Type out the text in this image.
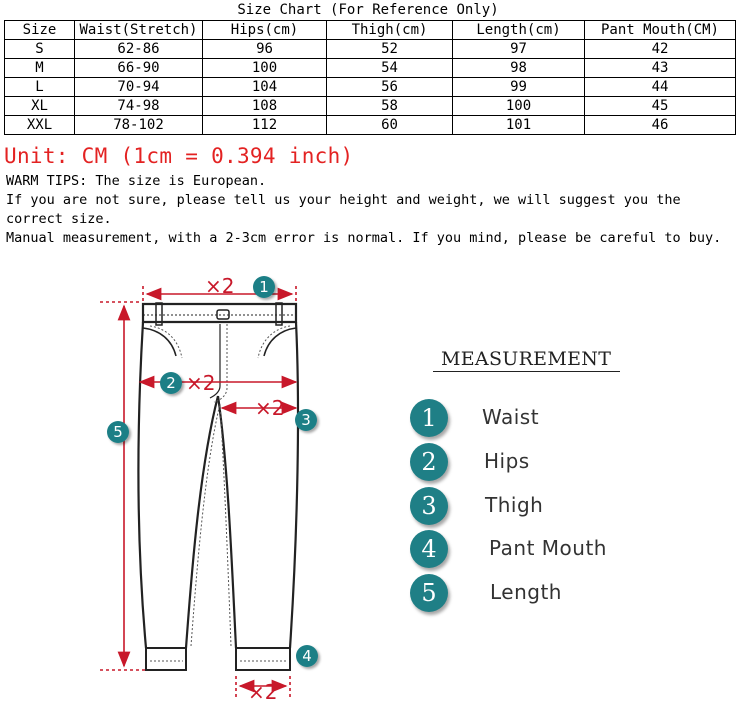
Size Chart (For Reference Only)
Size	Waist(Stretch)	Hips(cm)	Thigh(cm)	Length(cm)	Pant Mouth(CM)
S	62-86	96	52	97	42
M	66-90	100	54	98	43
L	70-94	104	56	99	44
XL	74-98	108	58	100	45
XXL	78-102	112	60	101	46
Unit: CM (1cm = 0.394 inch)
WARM TIPS: The size is European.
If you are not sure, please tell us your height and weight, we will suggest you the correct size.
Manual measurement, with a 2-3cm error is normal. If you mind, please be careful to buy.
×2
×2
×2
×2
1
2
3
4
5
MEASUREMENT
1	Waist
2	Hips
3	Thigh
4	Pant Mouth
5	Length
